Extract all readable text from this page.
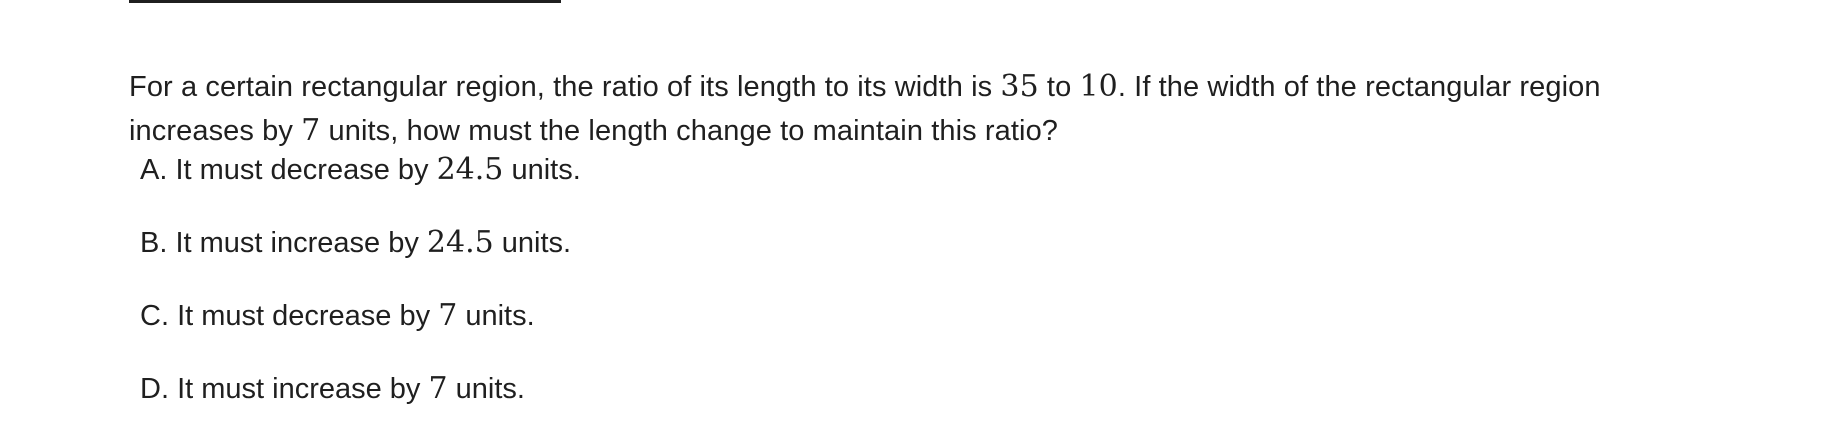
For a certain rectangular region, the ratio of its length to its width is 35 to 10. If the width of the rectangular region increases by 7 units, how must the length change to maintain this ratio?

A. It must decrease by 24.5 units.
B. It must increase by 24.5 units.
C. It must decrease by 7 units.
D. It must increase by 7 units.
